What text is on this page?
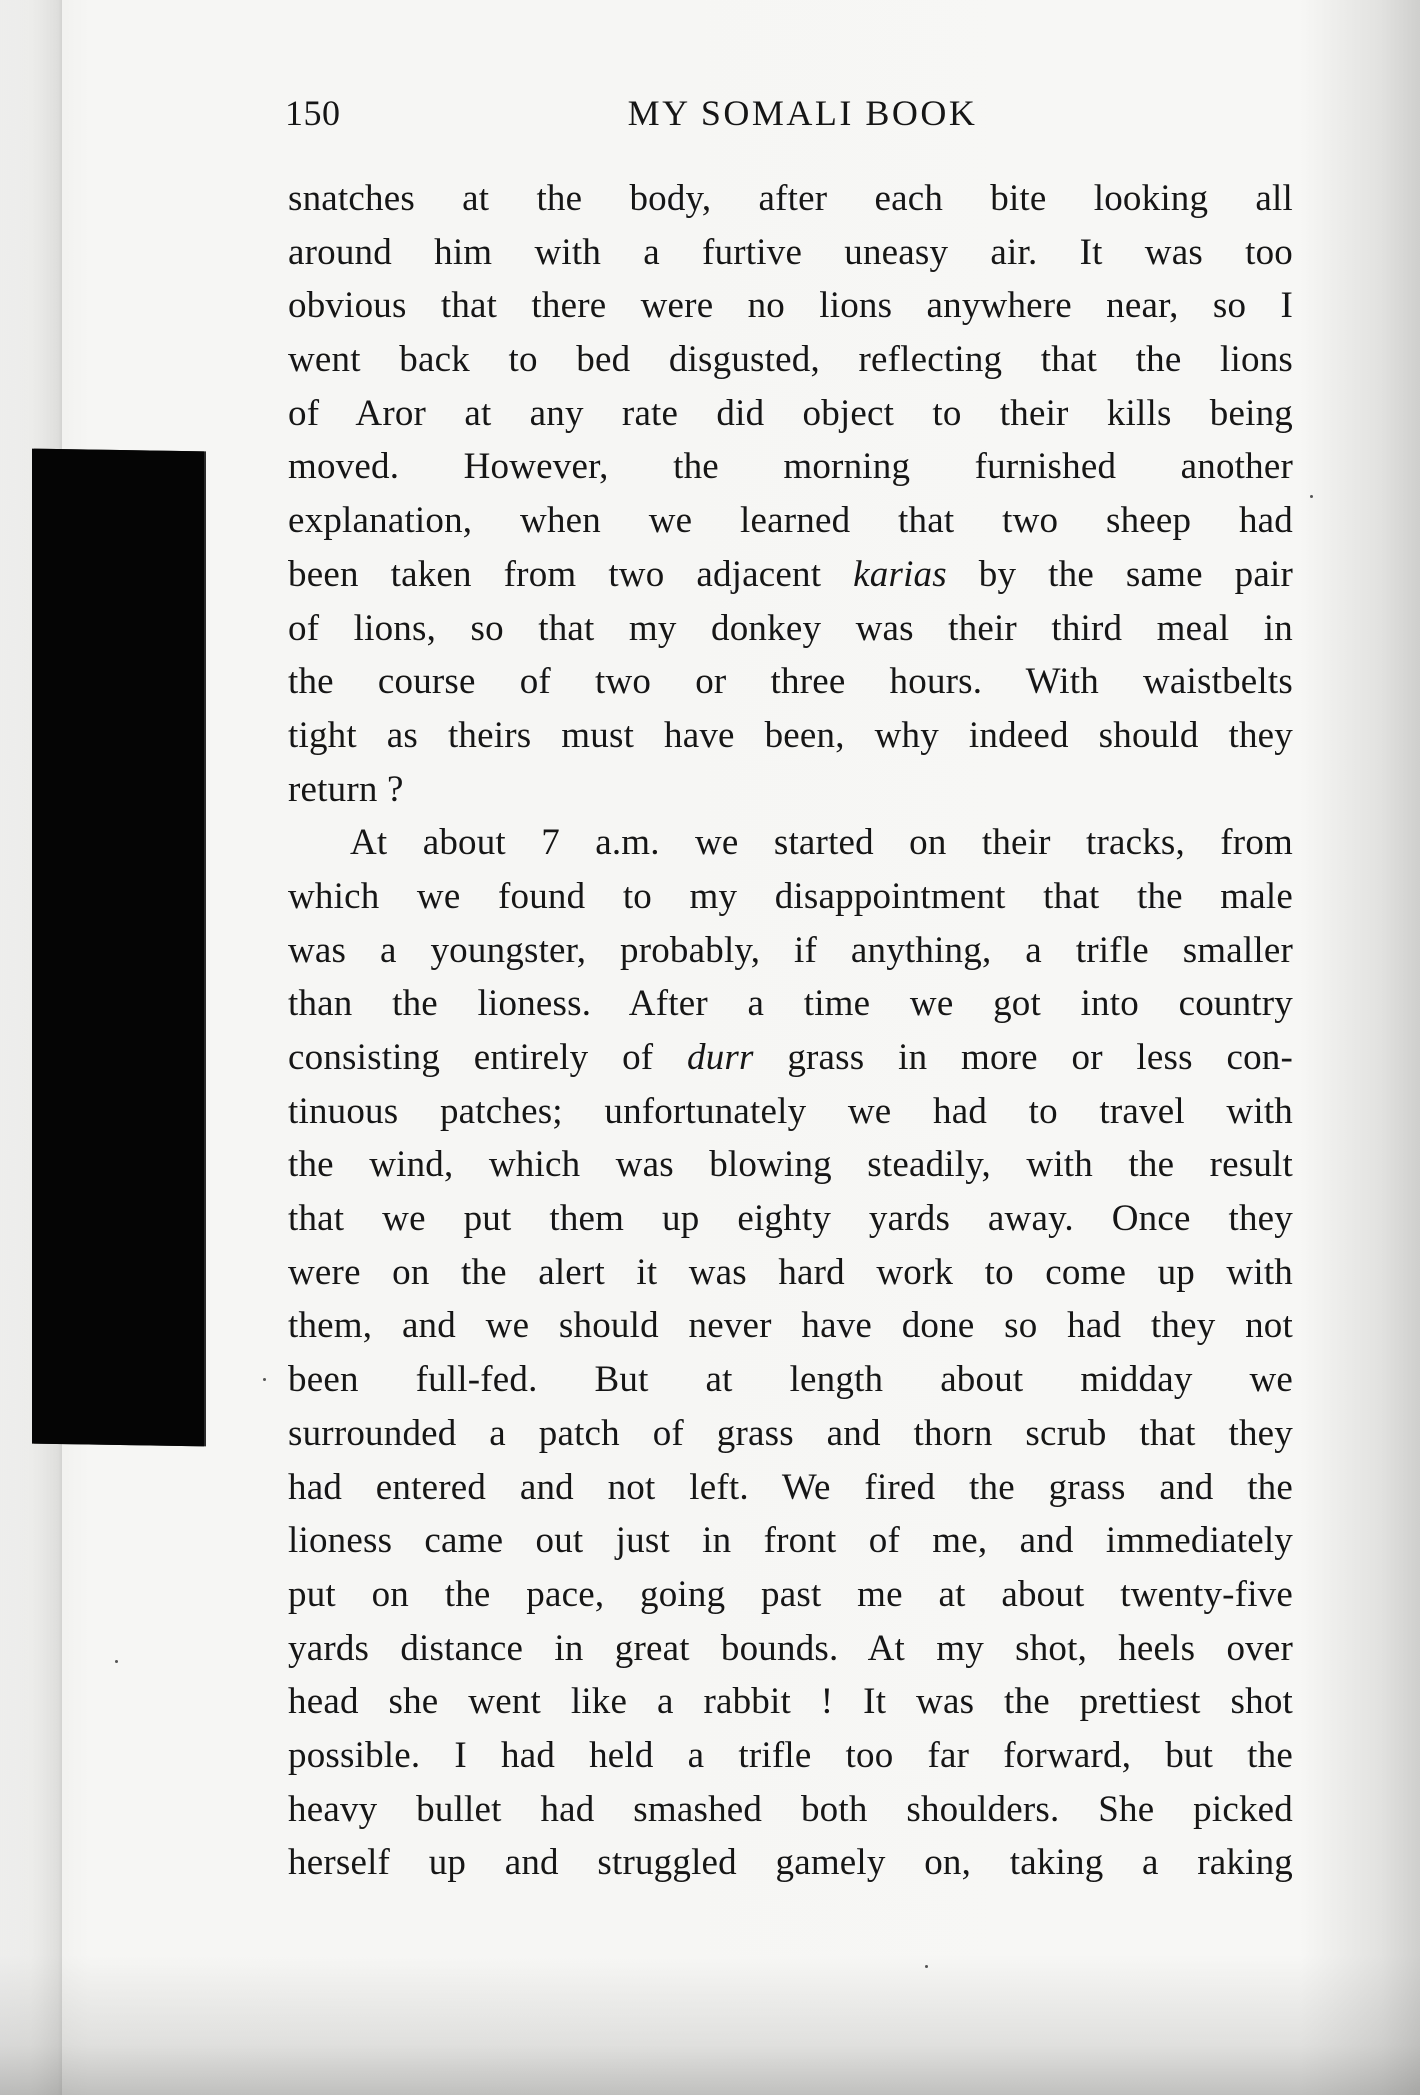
150	MY SOMALI BOOK
snatches at the body, after each bite looking all
around him with a furtive uneasy air. It was too
obvious that there were no lions anywhere near, so I
went back to bed disgusted, reflecting that the lions
of Aror at any rate did object to their kills being
moved. However, the morning furnished another
explanation, when we learned that two sheep had
been taken from two adjacent karias by the same pair
of lions, so that my donkey was their third meal in
the course of two or three hours. With waistbelts
tight as theirs must have been, why indeed should they
return ?
At about 7 a.m. we started on their tracks, from
which we found to my disappointment that the male
was a youngster, probably, if anything, a trifle smaller
than the lioness. After a time we got into country
consisting entirely of durr grass in more or less con-
tinuous patches; unfortunately we had to travel with
the wind, which was blowing steadily, with the result
that we put them up eighty yards away. Once they
were on the alert it was hard work to come up with
them, and we should never have done so had they not
been full-fed. But at length about midday we
surrounded a patch of grass and thorn scrub that they
had entered and not left. We fired the grass and the
lioness came out just in front of me, and immediately
put on the pace, going past me at about twenty-five
yards distance in great bounds. At my shot, heels over
head she went like a rabbit ! It was the prettiest shot
possible. I had held a trifle too far forward, but the
heavy bullet had smashed both shoulders. She picked
herself up and struggled gamely on, taking a raking
